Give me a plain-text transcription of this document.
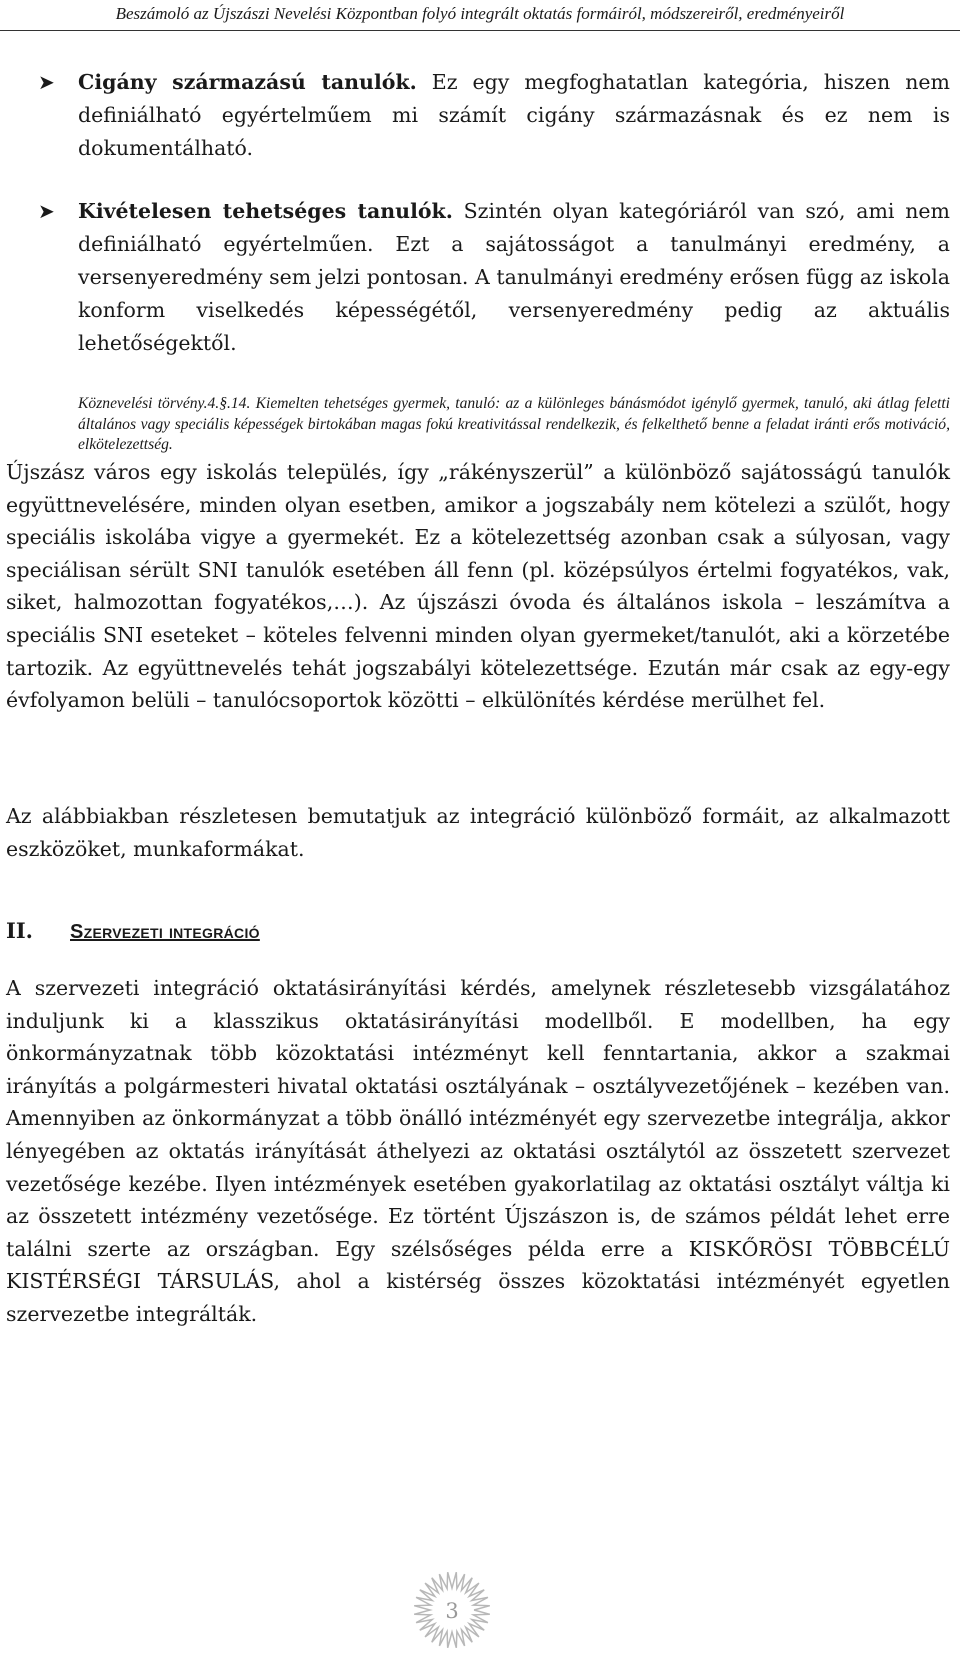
Beszámoló az Újszászi Nevelési Központban folyó integrált oktatás formáiról, módszereiről, eredményeiről
➤ Cigány származású tanulók. Ez egy megfoghatatlan kategória, hiszen nem definiálható egyértelműem mi számít cigány származásnak és ez nem is dokumentálható.
➤ Kivételesen tehetséges tanulók. Szintén olyan kategóriáról van szó, ami nem definiálható egyértelműen. Ezt a sajátosságot a tanulmányi eredmény, a versenyeredmény sem jelzi pontosan. A tanulmányi eredmény erősen függ az iskola konform viselkedés képességétől, versenyeredmény pedig az aktuális lehetőségektől.
Köznevelési törvény.4.§.14. Kiemelten tehetséges gyermek, tanuló: az a különleges bánásmódot igénylő gyermek, tanuló, aki átlag feletti általános vagy speciális képességek birtokában magas fokú kreativitással rendelkezik, és felkelthető benne a feladat iránti erős motiváció, elkötelezettség.
Újszász város egy iskolás település, így „rákényszerül” a különböző sajátosságú tanulók együttnevelésére, minden olyan esetben, amikor a jogszabály nem kötelezi a szülőt, hogy speciális iskolába vigye a gyermekét. Ez a kötelezettség azonban csak a súlyosan, vagy speciálisan sérült SNI tanulók esetében áll fenn (pl. középsúlyos értelmi fogyatékos, vak, siket, halmozottan fogyatékos,…). Az újszászi óvoda és általános iskola – leszámítva a speciális SNI eseteket – köteles felvenni minden olyan gyermeket/tanulót, aki a körzetébe tartozik. Az együttnevelés tehát jogszabályi kötelezettsége. Ezután már csak az egy-egy évfolyamon belüli – tanulócsoportok közötti – elkülönítés kérdése merülhet fel.
Az alábbiakban részletesen bemutatjuk az integráció különböző formáit, az alkalmazott eszközöket, munkaformákat.
II. Szervezeti integráció
A szervezeti integráció oktatásirányítási kérdés, amelynek részletesebb vizsgálatához induljunk ki a klasszikus oktatásirányítási modellből. E modellben, ha egy önkormányzatnak több közoktatási intézményt kell fenntartania, akkor a szakmai irányítás a polgármesteri hivatal oktatási osztályának – osztályvezetőjének – kezében van. Amennyiben az önkormányzat a több önálló intézményét egy szervezetbe integrálja, akkor lényegében az oktatás irányítását áthelyezi az oktatási osztálytól az összetett szervezet vezetősége kezébe. Ilyen intézmények esetében gyakorlatilag az oktatási osztályt váltja ki az összetett intézmény vezetősége. Ez történt Újszászon is, de számos példát lehet erre találni szerte az országban. Egy szélsőséges példa erre a KISKŐRÖSI TÖBBCÉLÚ KISTÉRSÉGI TÁRSULÁS, ahol a kistérség összes közoktatási intézményét egyetlen szervezetbe integrálták.
3
